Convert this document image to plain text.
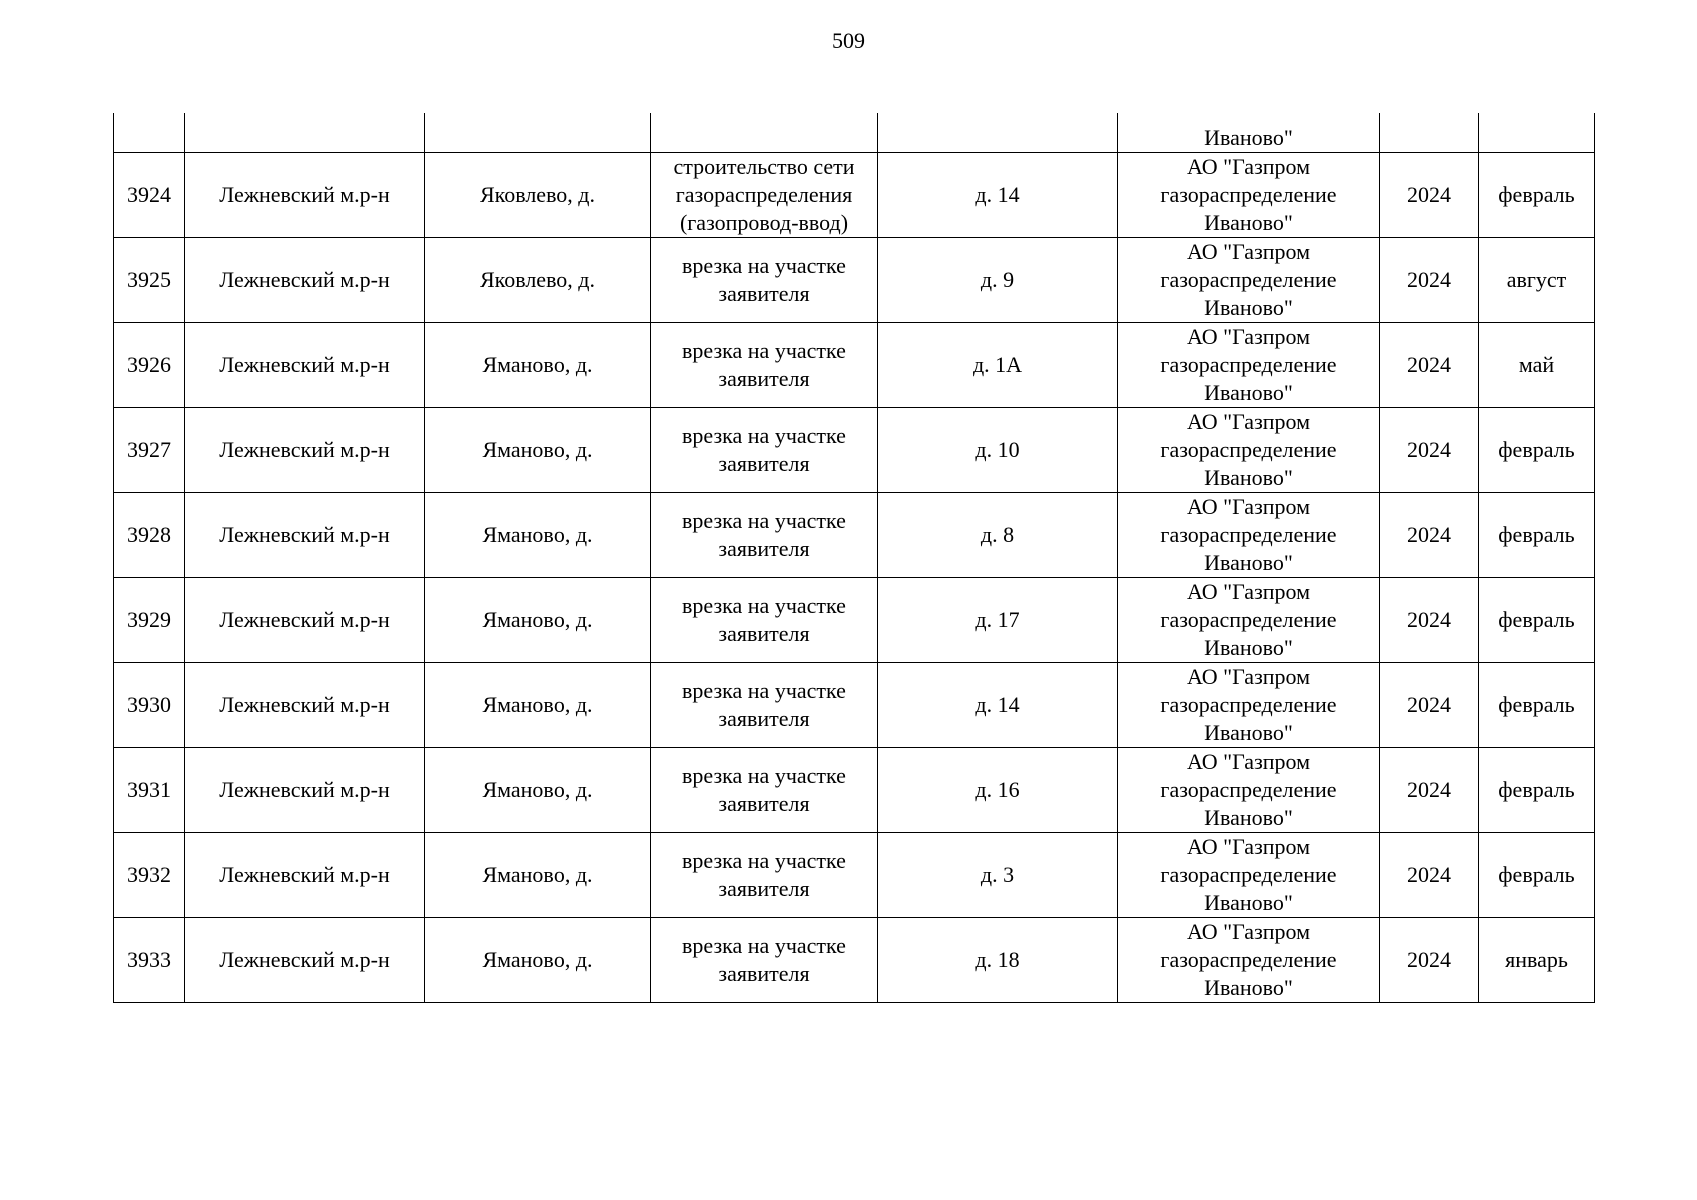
509
					Иваново"		
3924	Лежневский м.р-н	Яковлево, д.	строительство сети
газораспределения
(газопровод-ввод)	д. 14	АО "Газпром
газораспределение
Иваново"	2024	февраль
3925	Лежневский м.р-н	Яковлево, д.	врезка на участке
заявителя	д. 9	АО "Газпром
газораспределение
Иваново"	2024	август
3926	Лежневский м.р-н	Ямановo, д.	врезка на участке
заявителя	д. 1А	АО "Газпром
газораспределение
Иваново"	2024	май
3927	Лежневский м.р-н	Ямановo, д.	врезка на участке
заявителя	д. 10	АО "Газпром
газораспределение
Иваново"	2024	февраль
3928	Лежневский м.р-н	Ямановo, д.	врезка на участке
заявителя	д. 8	АО "Газпром
газораспределение
Иваново"	2024	февраль
3929	Лежневский м.р-н	Ямановo, д.	врезка на участке
заявителя	д. 17	АО "Газпром
газораспределение
Иваново"	2024	февраль
3930	Лежневский м.р-н	Ямановo, д.	врезка на участке
заявителя	д. 14	АО "Газпром
газораспределение
Иваново"	2024	февраль
3931	Лежневский м.р-н	Ямановo, д.	врезка на участке
заявителя	д. 16	АО "Газпром
газораспределение
Иваново"	2024	февраль
3932	Лежневский м.р-н	Ямановo, д.	врезка на участке
заявителя	д. 3	АО "Газпром
газораспределение
Иваново"	2024	февраль
3933	Лежневский м.р-н	Ямановo, д.	врезка на участке
заявителя	д. 18	АО "Газпром
газораспределение
Иваново"	2024	январь
